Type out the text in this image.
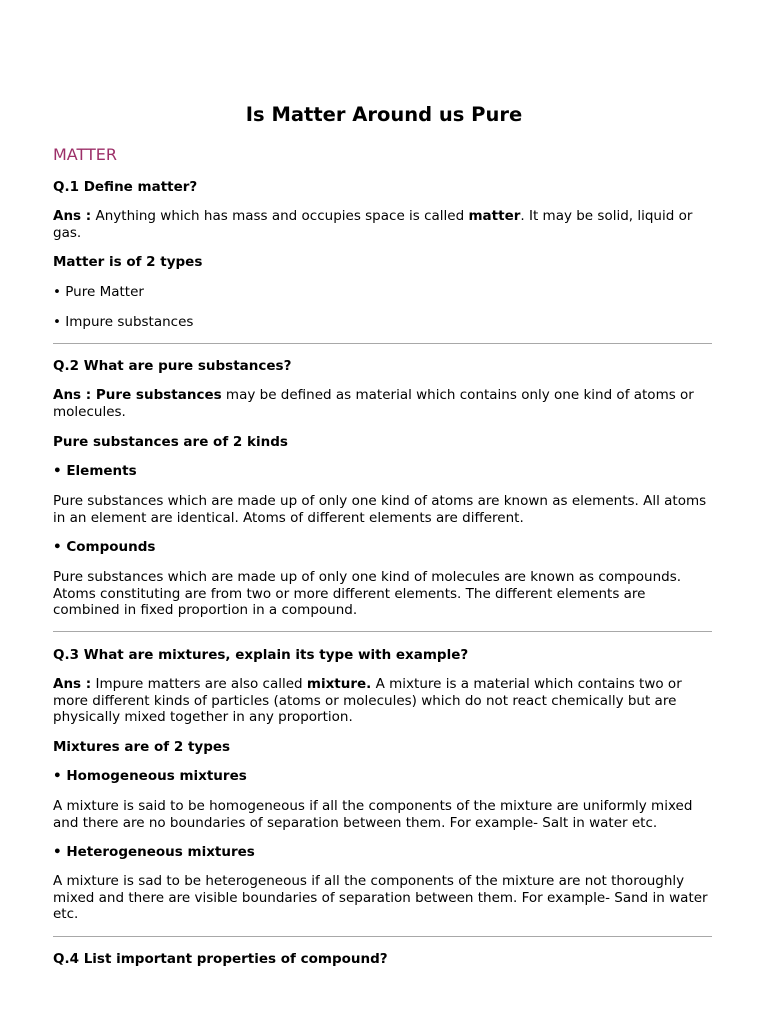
Is Matter Around us Pure
MATTER
Q.1 Define matter?
Ans : Anything which has mass and occupies space is called matter. It may be solid, liquid or gas.
Matter is of 2 types
• Pure Matter
• Impure substances
Q.2 What are pure substances?
Ans : Pure substances may be defined as material which contains only one kind of atoms or molecules.
Pure substances are of 2 kinds
• Elements
Pure substances which are made up of only one kind of atoms are known as elements. All atoms in an element are identical. Atoms of different elements are different.
• Compounds
Pure substances which are made up of only one kind of molecules are known as compounds. Atoms constituting are from two or more different elements. The different elements are combined in fixed proportion in a compound.
Q.3 What are mixtures, explain its type with example?
Ans : Impure matters are also called mixture. A mixture is a material which contains two or more different kinds of particles (atoms or molecules) which do not react chemically but are physically mixed together in any proportion.
Mixtures are of 2 types
• Homogeneous mixtures
A mixture is said to be homogeneous if all the components of the mixture are uniformly mixed and there are no boundaries of separation between them. For example- Salt in water etc.
• Heterogeneous mixtures
A mixture is sad to be heterogeneous if all the components of the mixture are not thoroughly mixed and there are visible boundaries of separation between them. For example- Sand in water etc.
Q.4 List important properties of compound?
